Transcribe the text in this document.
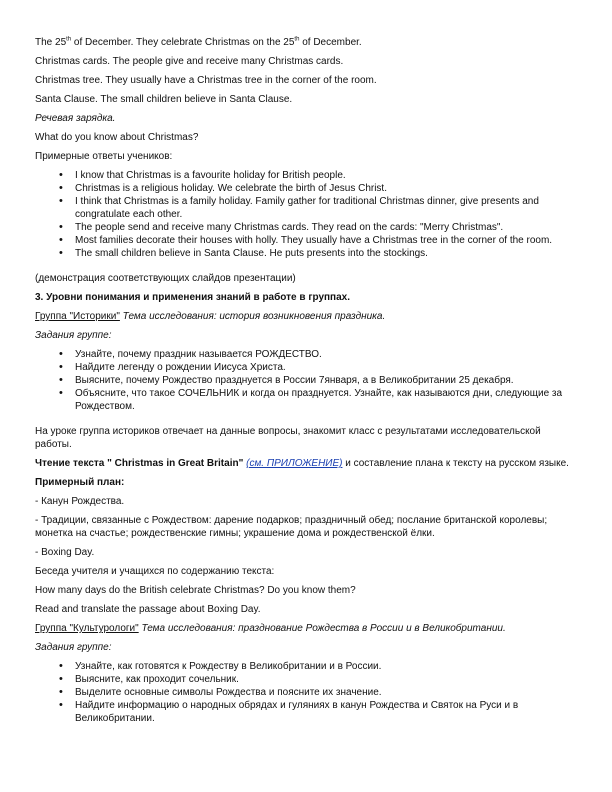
The 25th of December. They celebrate Christmas on the 25th of December.

Christmas cards. The people give and receive many Christmas cards.

Christmas tree. They usually have a Christmas tree in the corner of the room.

Santa Clause. The small children believe in Santa Clause.

Речевая зарядка.

What do you know about Christmas?

Примерные ответы учеников:

• I know that Christmas is a favourite holiday for British people.
• Christmas is a religious holiday. We celebrate the birth of Jesus Christ.
• I think that Christmas is a family holiday. Family gather for traditional Christmas dinner, give presents and congratulate each other.
• The people send and receive many Christmas cards. They read on the cards: "Merry Christmas".
• Most families decorate their houses with holly. They usually have a Christmas tree in the corner of the room.
• The small children believe in Santa Clause. He puts presents into the stockings.

(демонстрация соответствующих слайдов презентации)

3. Уровни понимания и применения знаний в работе в группах.

Группа "Историки" Тема исследования: история возникновения праздника.

Задания группе:

• Узнайте, почему праздник называется РОЖДЕСТВО.
• Найдите легенду о рождении Иисуса Христа.
• Выясните, почему Рождество празднуется в России 7января, а в Великобритании 25 декабря.
• Объясните, что такое СОЧЕЛЬНИК и когда он празднуется. Узнайте, как называются дни, следующие за Рождеством.

На уроке группа историков отвечает на данные вопросы, знакомит класс с результатами исследовательской работы.

Чтение текста " Christmas in Great Britain" (см. ПРИЛОЖЕНИЕ) и составление плана к тексту на русском языке.

Примерный план:

- Канун Рождества.

- Традиции, связанные с Рождеством: дарение подарков; праздничный обед; послание британской королевы; монетка на счастье; рождественские гимны; украшение дома и рождественской ёлки.

- Boxing Day.

Беседа учителя и учащихся по содержанию текста:

How many days do the British celebrate Christmas? Do you know them?

Read and translate the passage about Boxing Day.

Группа "Культурологи" Тема исследования: празднование Рождества в России и в Великобритании.

Задания группе:

• Узнайте, как готовятся к Рождеству в Великобритании и в России.
• Выясните, как проходит сочельник.
• Выделите основные символы Рождества и поясните их значение.
• Найдите информацию о народных обрядах и гуляниях в канун Рождества и Святок на Руси и в Великобритании.
